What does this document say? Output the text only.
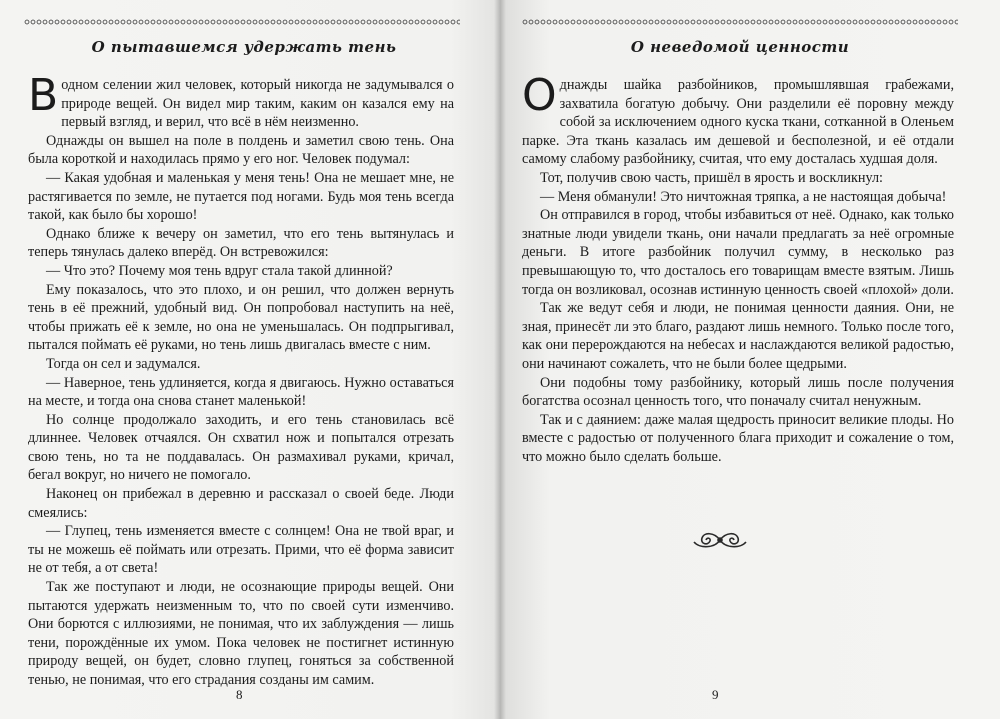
О пытавшемся удержать тень

В одном селении жил человек, который никогда не задумывался о природе вещей. Он видел мир таким, каким он казался ему на первый взгляд, и верил, что всё в нём неизменно.

Однажды он вышел на поле в полдень и заметил свою тень. Она была короткой и находилась прямо у его ног. Человек подумал:

— Какая удобная и маленькая у меня тень! Она не мешает мне, не растягивается по земле, не путается под ногами. Будь моя тень всегда такой, как было бы хорошо!

Однако ближе к вечеру он заметил, что его тень вытянулась и теперь тянулась далеко вперёд. Он встревожился:

— Что это? Почему моя тень вдруг стала такой длинной?

Ему показалось, что это плохо, и он решил, что должен вернуть тень в её прежний, удобный вид. Он попробовал наступить на неё, чтобы прижать её к земле, но она не уменьшалась. Он подпрыгивал, пытался поймать её руками, но тень лишь двигалась вместе с ним.

Тогда он сел и задумался.

— Наверное, тень удлиняется, когда я двигаюсь. Нужно оставаться на месте, и тогда она снова станет маленькой!

Но солнце продолжало заходить, и его тень становилась всё длиннее. Человек отчаялся. Он схватил нож и попытался отрезать свою тень, но та не поддавалась. Он размахивал руками, кричал, бегал вокруг, но ничего не помогало.

Наконец он прибежал в деревню и рассказал о своей беде. Люди смеялись:

— Глупец, тень изменяется вместе с солнцем! Она не твой враг, и ты не можешь её поймать или отрезать. Прими, что её форма зависит не от тебя, а от света!

Так же поступают и люди, не осознающие природы вещей. Они пытаются удержать неизменным то, что по своей сути изменчиво. Они борются с иллюзиями, не понимая, что их заблуждения — лишь тени, порождённые их умом. Пока человек не постигнет истинную природу вещей, он будет, словно глупец, гоняться за собственной тенью, не понимая, что его страдания созданы им самим.

8
О неведомой ценности

Однажды шайка разбойников, промышлявшая грабежами, захватила богатую добычу. Они разделили её поровну между собой за исключением одного куска ткани, сотканной в Оленьем парке. Эта ткань казалась им дешевой и бесполезной, и её отдали самому слабому разбойнику, считая, что ему досталась худшая доля.

Тот, получив свою часть, пришёл в ярость и воскликнул:

— Меня обманули! Это ничтожная тряпка, а не настоящая добыча!

Он отправился в город, чтобы избавиться от неё. Однако, как только знатные люди увидели ткань, они начали предлагать за неё огромные деньги. В итоге разбойник получил сумму, в несколько раз превышающую то, что досталось его товарищам вместе взятым. Лишь тогда он возликовал, осознав истинную ценность своей «плохой» доли.

Так же ведут себя и люди, не понимая ценности даяния. Они, не зная, принесёт ли это благо, раздают лишь немного. Только после того, как они перерождаются на небесах и наслаждаются великой радостью, они начинают сожалеть, что не были более щедрыми.

Они подобны тому разбойнику, который лишь после получения богатства осознал ценность того, что поначалу считал ненужным.

Так и с даянием: даже малая щедрость приносит великие плоды. Но вместе с радостью от полученного блага приходит и сожаление о том, что можно было сделать больше.

9
